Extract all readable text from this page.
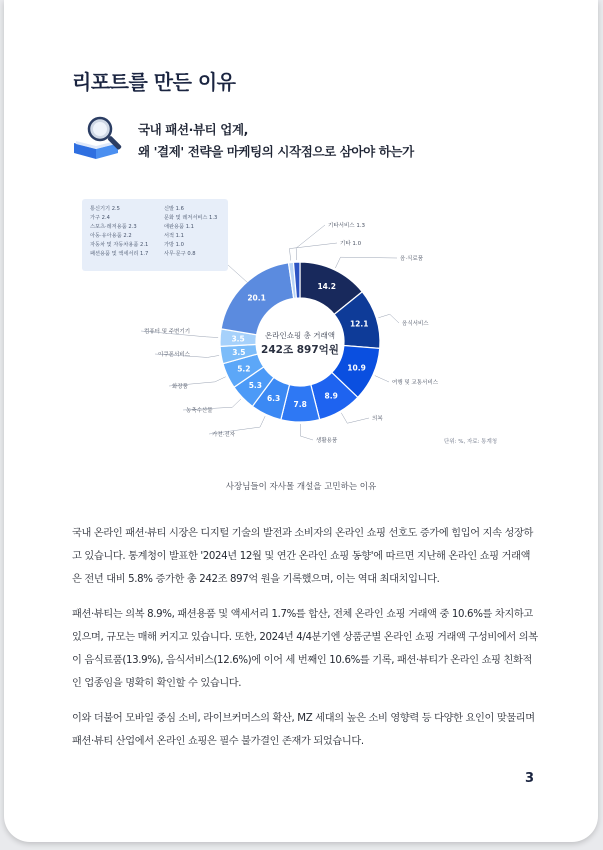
리포트를 만든 이유
국내 패션·뷰티 업계,
왜 '결제' 전략을 마케팅의 시작점으로 삼아야 하는가
통신기기 2.5
가구 2.4
스포츠·레저용품 2.3
아동·유아용품 2.2
자동차 및 자동차용품 2.1
패션용품 및 액세서리 1.7
신발 1.6
문화 및 레저서비스 1.3
애완용품 1.1
서적 1.1
가방 1.0
사무·문구 0.8
14.2
12.1
10.9
8.9
7.8
6.3
5.3
5.2
3.5
3.5
20.1
음·식료품
음식서비스
여행 및 교통서비스
의복
생활용품
가전·전자
농축수산물
화장품
이쿠폰서비스
컴퓨터 및 주변기기
기타 1.0
기타서비스 1.3
온라인쇼핑 총 거래액
242조 897억원
단위: %, 자료: 통계청
사장님들이 자사몰 개설을 고민하는 이유

국내 온라인 패션·뷰티 시장은 디지털 기술의 발전과 소비자의 온라인 쇼핑 선호도 증가에 힘입어 지속 성장하고 있습니다. 통계청이 발표한 '2024년 12월 및 연간 온라인 쇼핑 동향'에 따르면 지난해 온라인 쇼핑 거래액은 전년 대비 5.8% 증가한 총 242조 897억 원을 기록했으며, 이는 역대 최대치입니다.

패션·뷰티는 의복 8.9%, 패션용품 및 액세서리 1.7%를 합산, 전체 온라인 쇼핑 거래액 중 10.6%를 차지하고 있으며, 규모는 매해 커지고 있습니다. 또한, 2024년 4/4분기엔 상품군별 온라인 쇼핑 거래액 구성비에서 의복이 음식료품(13.9%), 음식서비스(12.6%)에 이어 세 번째인 10.6%를 기록, 패션·뷰티가 온라인 쇼핑 친화적인 업종임을 명확히 확인할 수 있습니다.

이와 더불어 모바일 중심 소비, 라이브커머스의 확산, MZ 세대의 높은 소비 영향력 등 다양한 요인이 맞물리며 패션·뷰티 산업에서 온라인 쇼핑은 필수 불가결인 존재가 되었습니다.

3
